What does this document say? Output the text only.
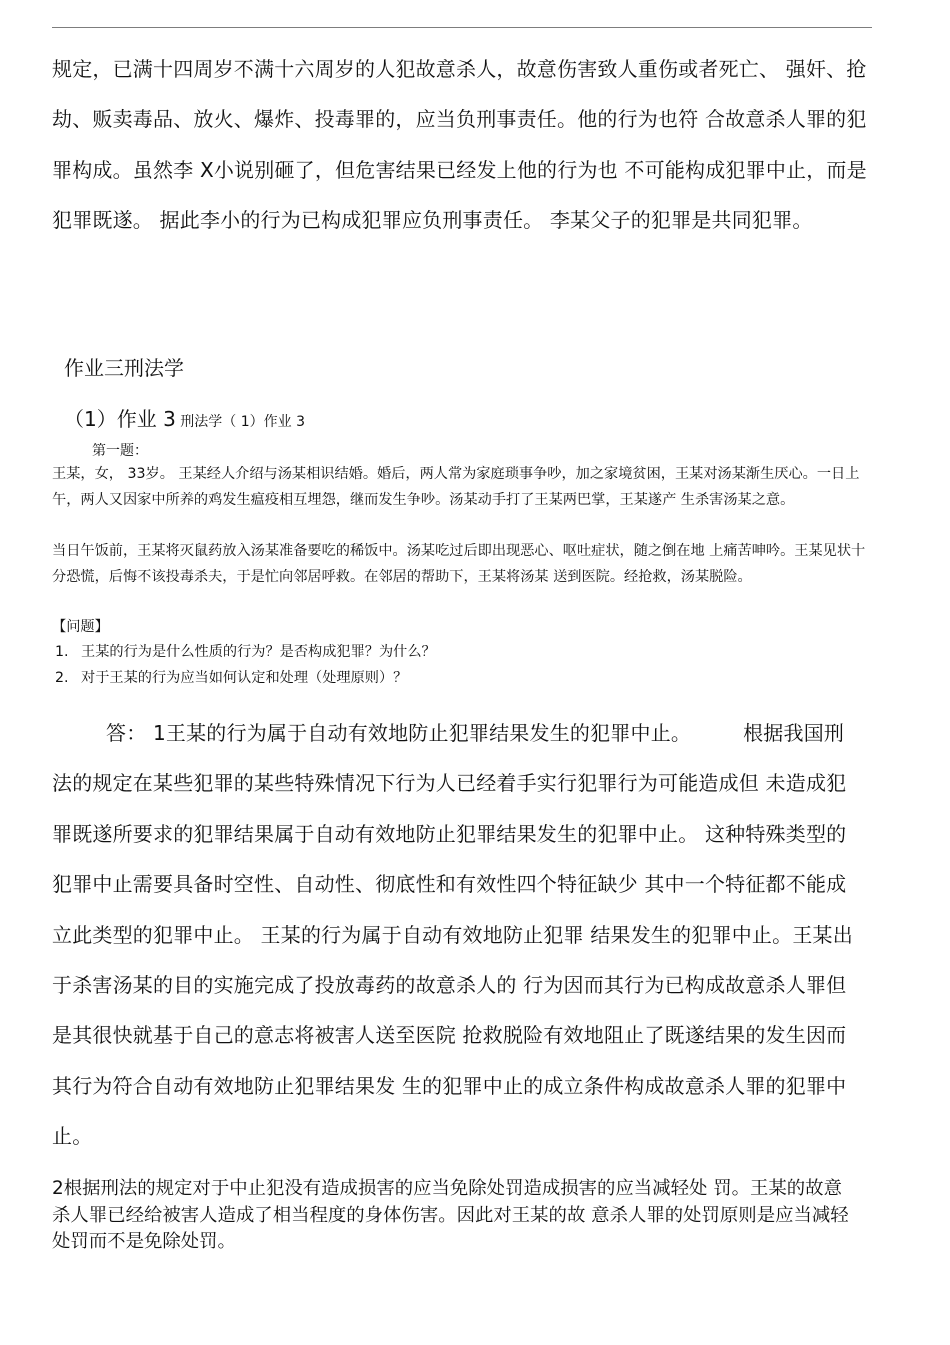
规定，已满十四周岁不满十六周岁的人犯故意杀人，故意伤害致人重伤或者死亡、 强奸、抢劫、贩卖毒品、放火、爆炸、投毒罪的，应当负刑事责任。他的行为也符 合故意杀人罪的犯罪构成。虽然李 X小说别砸了，但危害结果已经发上他的行为也 不可能构成犯罪中止，而是犯罪既遂。 据此李小的行为已构成犯罪应负刑事责任。 李某父子的犯罪是共同犯罪。

作业三刑法学

（1）作业 3 刑法学（ 1）作业 3

第一题：

王某，女， 33岁。 王某经人介绍与汤某相识结婚。婚后，两人常为家庭琐事争吵，加之家境贫困，王某对汤某渐生厌心。一日上午，两人又因家中所养的鸡发生瘟疫相互埋怨，继而发生争吵。汤某动手打了王某两巴掌，王某遂产 生杀害汤某之意。

当日午饭前，王某将灭鼠药放入汤某准备要吃的稀饭中。汤某吃过后即出现恶心、呕吐症状，随之倒在地 上痛苦呻吟。王某见状十分恐慌，后悔不该投毒杀夫，于是忙向邻居呼救。在邻居的帮助下，王某将汤某 送到医院。经抢救，汤某脱险。

【问题】

1. 王某的行为是什么性质的行为？是否构成犯罪？为什么？

2. 对于王某的行为应当如何认定和处理（处理原则）？

答： 1王某的行为属于自动有效地防止犯罪结果发生的犯罪中止。	根据我国刑法的规定在某些犯罪的某些特殊情况下行为人已经着手实行犯罪行为可能造成但 未造成犯罪既遂所要求的犯罪结果属于自动有效地防止犯罪结果发生的犯罪中止。 这种特殊类型的犯罪中止需要具备时空性、自动性、彻底性和有效性四个特征缺少 其中一个特征都不能成立此类型的犯罪中止。 王某的行为属于自动有效地防止犯罪 结果发生的犯罪中止。王某出于杀害汤某的目的实施完成了投放毒药的故意杀人的 行为因而其行为已构成故意杀人罪但是其很快就基于自己的意志将被害人送至医院 抢救脱险有效地阻止了既遂结果的发生因而其行为符合自动有效地防止犯罪结果发 生的犯罪中止的成立条件构成故意杀人罪的犯罪中止。

2根据刑法的规定对于中止犯没有造成损害的应当免除处罚造成损害的应当减轻处 罚。王某的故意杀人罪已经给被害人造成了相当程度的身体伤害。因此对王某的故 意杀人罪的处罚原则是应当减轻处罚而不是免除处罚。
